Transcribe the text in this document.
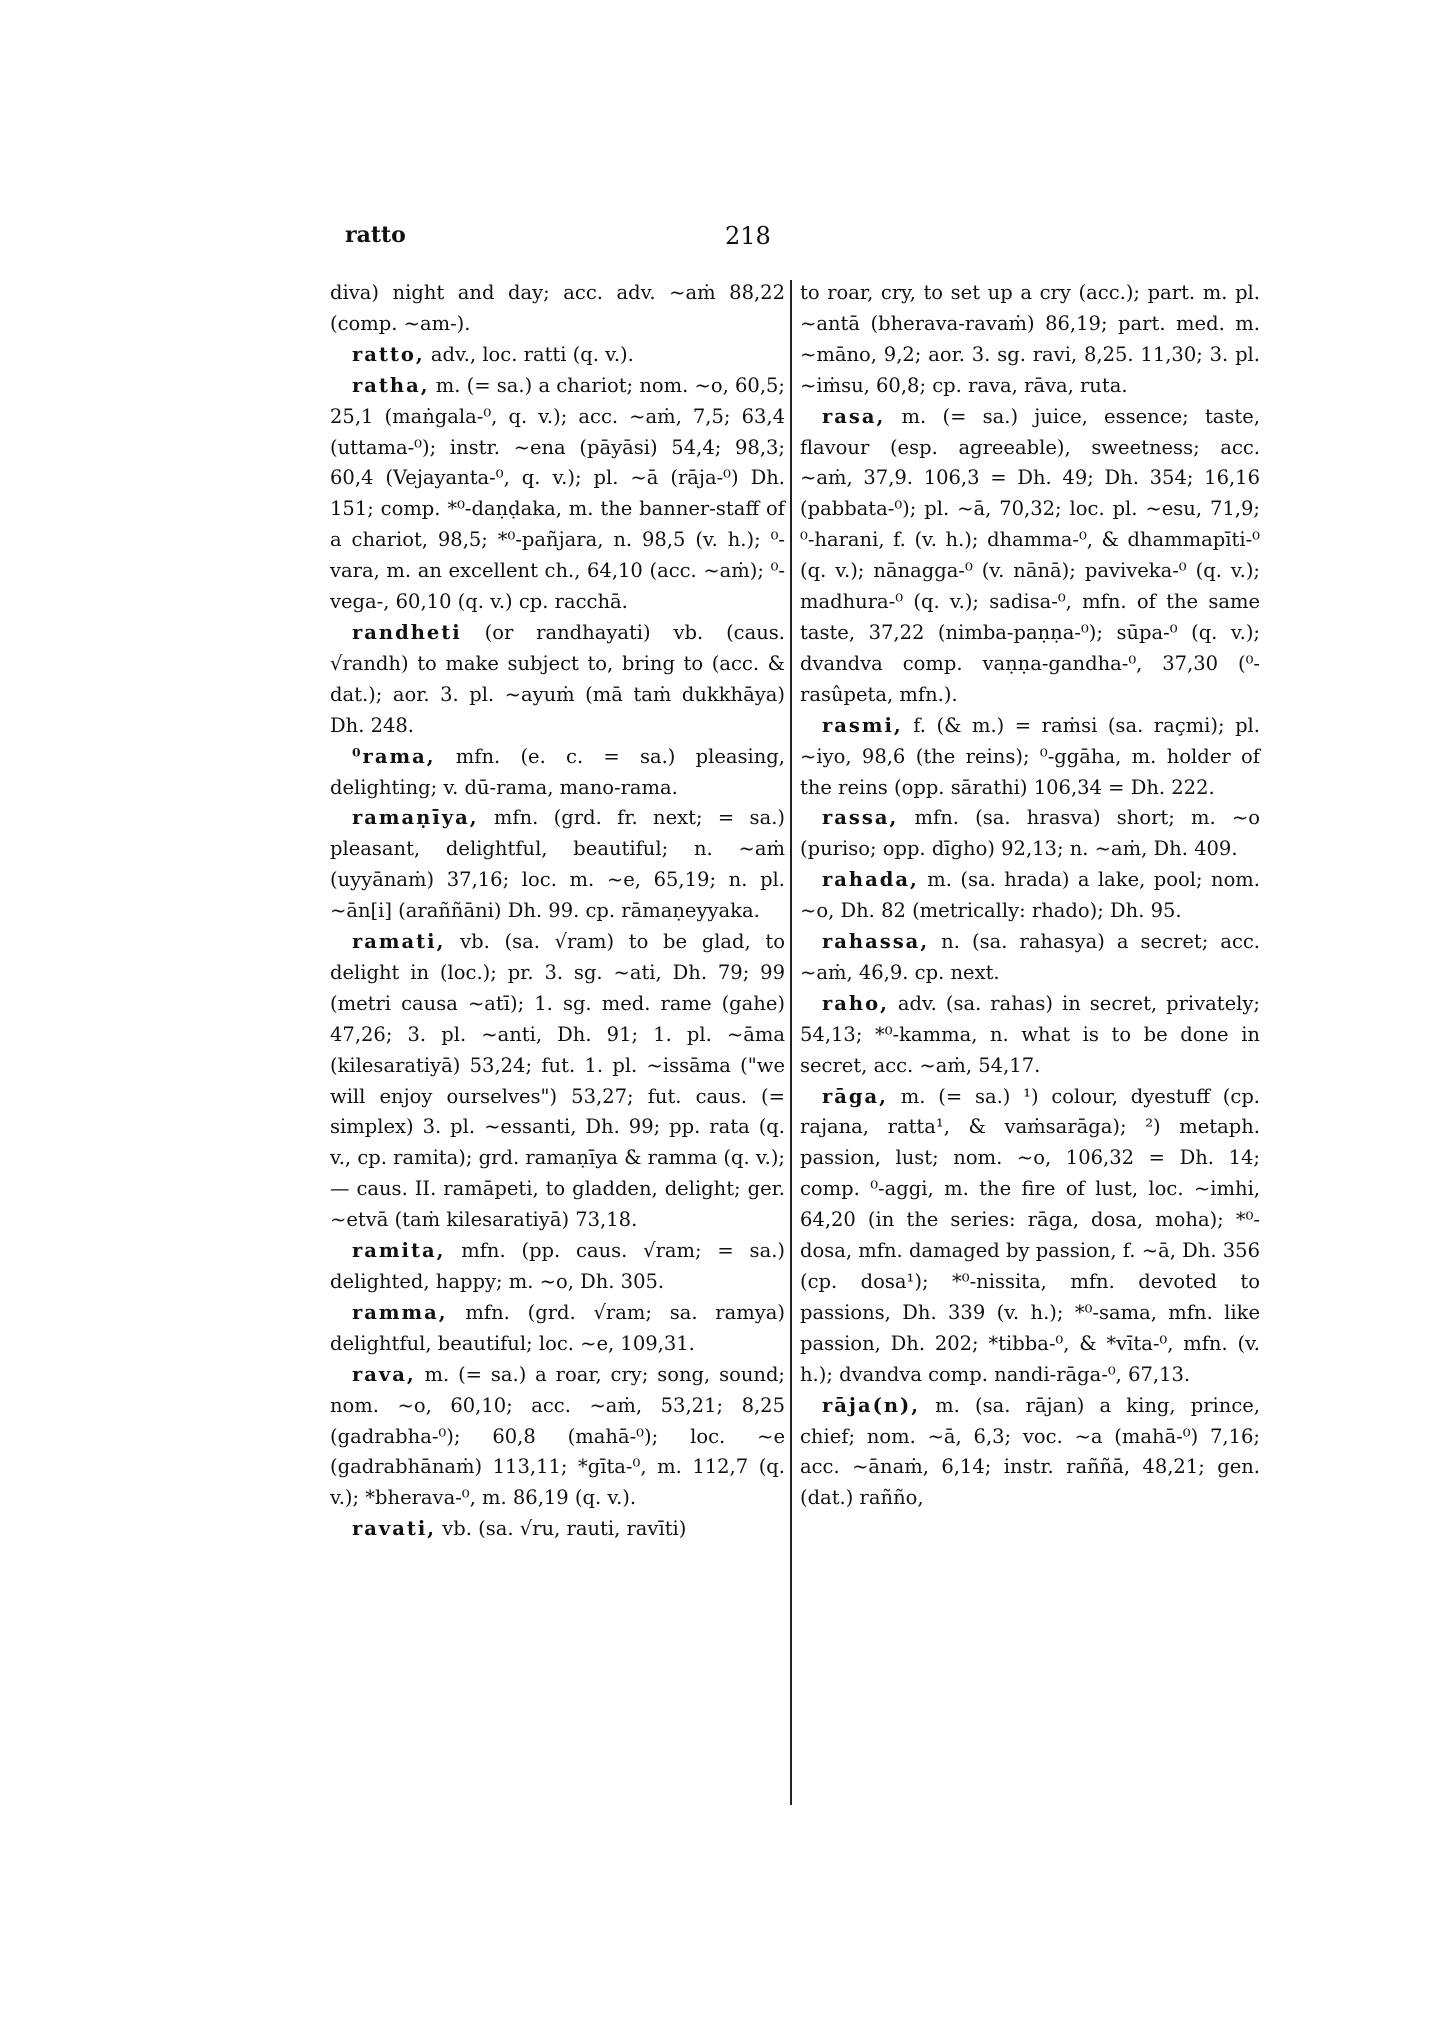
ratto	218

diva) night and day; acc. adv. ~aṁ 88,22 (comp. ~am-).

ratto, adv., loc. ratti (q. v.).

ratha, m. (= sa.) a chariot; nom. ~o, 60,5; 25,1 (maṅgala-⁰, q. v.); acc. ~aṁ, 7,5; 63,4 (uttama-⁰); instr. ~ena (pāyāsi) 54,4; 98,3; 60,4 (Vejayanta-⁰, q. v.); pl. ~ā (rāja-⁰) Dh. 151; comp. *⁰-daṇḍaka, m. the banner-staff of a chariot, 98,5; *⁰-pañjara, n. 98,5 (v. h.); ⁰-vara, m. an excellent ch., 64,10 (acc. ~aṁ); ⁰-vega-, 60,10 (q. v.) cp. racchā.

randheti (or randhayati) vb. (caus. √randh) to make subject to, bring to (acc. & dat.); aor. 3. pl. ~ayuṁ (mā taṁ dukkhāya) Dh. 248.

⁰rama, mfn. (e. c. = sa.) pleasing, delighting; v. dū-rama, mano-rama.

ramaṇīya, mfn. (grd. fr. next; = sa.) pleasant, delightful, beautiful; n. ~aṁ (uyyānaṁ) 37,16; loc. m. ~e, 65,19; n. pl. ~ān[i] (araññāni) Dh. 99. cp. rāmaṇeyyaka.

ramati, vb. (sa. √ram) to be glad, to delight in (loc.); pr. 3. sg. ~ati, Dh. 79; 99 (metri causa ~atī); 1. sg. med. rame (gahe) 47,26; 3. pl. ~anti, Dh. 91; 1. pl. ~āma (kilesaratiyā) 53,24; fut. 1. pl. ~issāma ("we will enjoy ourselves") 53,27; fut. caus. (= simplex) 3. pl. ~essanti, Dh. 99; pp. rata (q. v., cp. ramita); grd. ramaṇīya & ramma (q. v.); — caus. II. ramāpeti, to gladden, delight; ger. ~etvā (taṁ kilesaratiyā) 73,18.

ramita, mfn. (pp. caus. √ram; = sa.) delighted, happy; m. ~o, Dh. 305.

ramma, mfn. (grd. √ram; sa. ramya) delightful, beautiful; loc. ~e, 109,31.

rava, m. (= sa.) a roar, cry; song, sound; nom. ~o, 60,10; acc. ~aṁ, 53,21; 8,25 (gadrabha-⁰); 60,8 (mahā-⁰); loc. ~e (gadrabhānaṁ) 113,11; *gīta-⁰, m. 112,7 (q. v.); *bherava-⁰, m. 86,19 (q. v.).

ravati, vb. (sa. √ru, rauti, ravīti)

to roar, cry, to set up a cry (acc.); part. m. pl. ~antā (bherava-ravaṁ) 86,19; part. med. m. ~māno, 9,2; aor. 3. sg. ravi, 8,25. 11,30; 3. pl. ~iṁsu, 60,8; cp. rava, rāva, ruta.

rasa, m. (= sa.) juice, essence; taste, flavour (esp. agreeable), sweetness; acc. ~aṁ, 37,9. 106,3 = Dh. 49; Dh. 354; 16,16 (pabbata-⁰); pl. ~ā, 70,32; loc. pl. ~esu, 71,9; ⁰-harani, f. (v. h.); dhamma-⁰, & dhammapīti-⁰ (q. v.); nānagga-⁰ (v. nānā); paviveka-⁰ (q. v.); madhura-⁰ (q. v.); sadisa-⁰, mfn. of the same taste, 37,22 (nimba-paṇṇa-⁰); sūpa-⁰ (q. v.); dvandva comp. vaṇṇa-gandha-⁰, 37,30 (⁰-rasûpeta, mfn.).

rasmi, f. (& m.) = raṁsi (sa. raçmi); pl. ~iyo, 98,6 (the reins); ⁰-ggāha, m. holder of the reins (opp. sārathi) 106,34 = Dh. 222.

rassa, mfn. (sa. hrasva) short; m. ~o (puriso; opp. dīgho) 92,13; n. ~aṁ, Dh. 409.

rahada, m. (sa. hrada) a lake, pool; nom. ~o, Dh. 82 (metrically: rhado); Dh. 95.

rahassa, n. (sa. rahasya) a secret; acc. ~aṁ, 46,9. cp. next.

raho, adv. (sa. rahas) in secret, privately; 54,13; *⁰-kamma, n. what is to be done in secret, acc. ~aṁ, 54,17.

rāga, m. (= sa.) ¹) colour, dyestuff (cp. rajana, ratta¹, & vaṁsarāga); ²) metaph. passion, lust; nom. ~o, 106,32 = Dh. 14; comp. ⁰-aggi, m. the fire of lust, loc. ~imhi, 64,20 (in the series: rāga, dosa, moha); *⁰-dosa, mfn. damaged by passion, f. ~ā, Dh. 356 (cp. dosa¹); *⁰-nissita, mfn. devoted to passions, Dh. 339 (v. h.); *⁰-sama, mfn. like passion, Dh. 202; *tibba-⁰, & *vīta-⁰, mfn. (v. h.); dvandva comp. nandi-rāga-⁰, 67,13.

rāja(n), m. (sa. rājan) a king, prince, chief; nom. ~ā, 6,3; voc. ~a (mahā-⁰) 7,16; acc. ~ānaṁ, 6,14; instr. raññā, 48,21; gen. (dat.) rañño,
